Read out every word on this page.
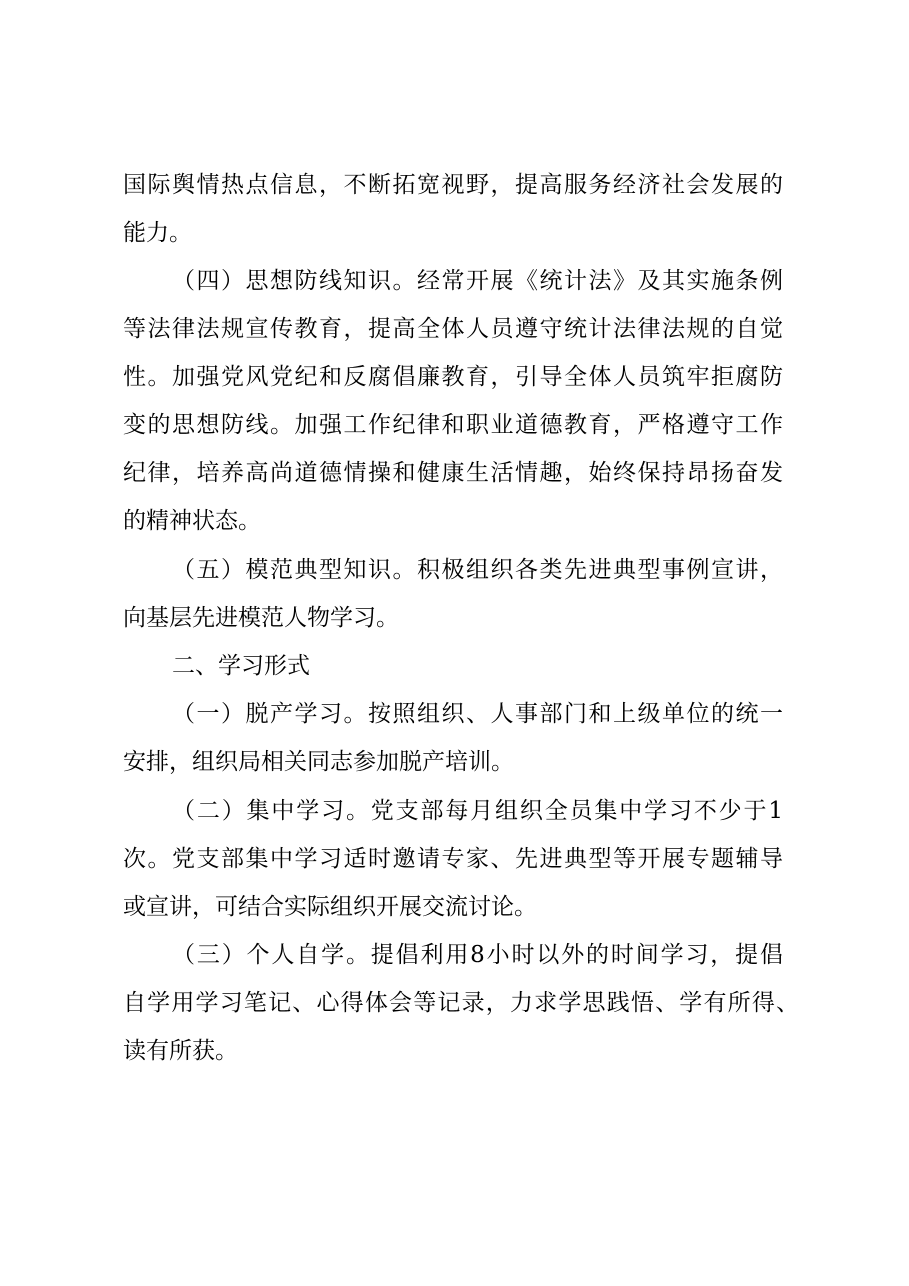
国际舆情热点信息，不断拓宽视野，提高服务经济社会发展的
能力。
（四）思想防线知识。经常开展《统计法》及其实施条例
等法律法规宣传教育，提高全体人员遵守统计法律法规的自觉
性。加强党风党纪和反腐倡廉教育，引导全体人员筑牢拒腐防
变的思想防线。加强工作纪律和职业道德教育，严格遵守工作
纪律，培养高尚道德情操和健康生活情趣，始终保持昂扬奋发
的精神状态。
（五）模范典型知识。积极组织各类先进典型事例宣讲，
向基层先进模范人物学习。
二、学习形式
（一）脱产学习。按照组织、人事部门和上级单位的统一
安排，组织局相关同志参加脱产培训。
（二）集中学习。党支部每月组织全员集中学习不少于1
次。党支部集中学习适时邀请专家、先进典型等开展专题辅导
或宣讲，可结合实际组织开展交流讨论。
（三）个人自学。提倡利用8小时以外的时间学习，提倡
自学用学习笔记、心得体会等记录，力求学思践悟、学有所得、
读有所获。
